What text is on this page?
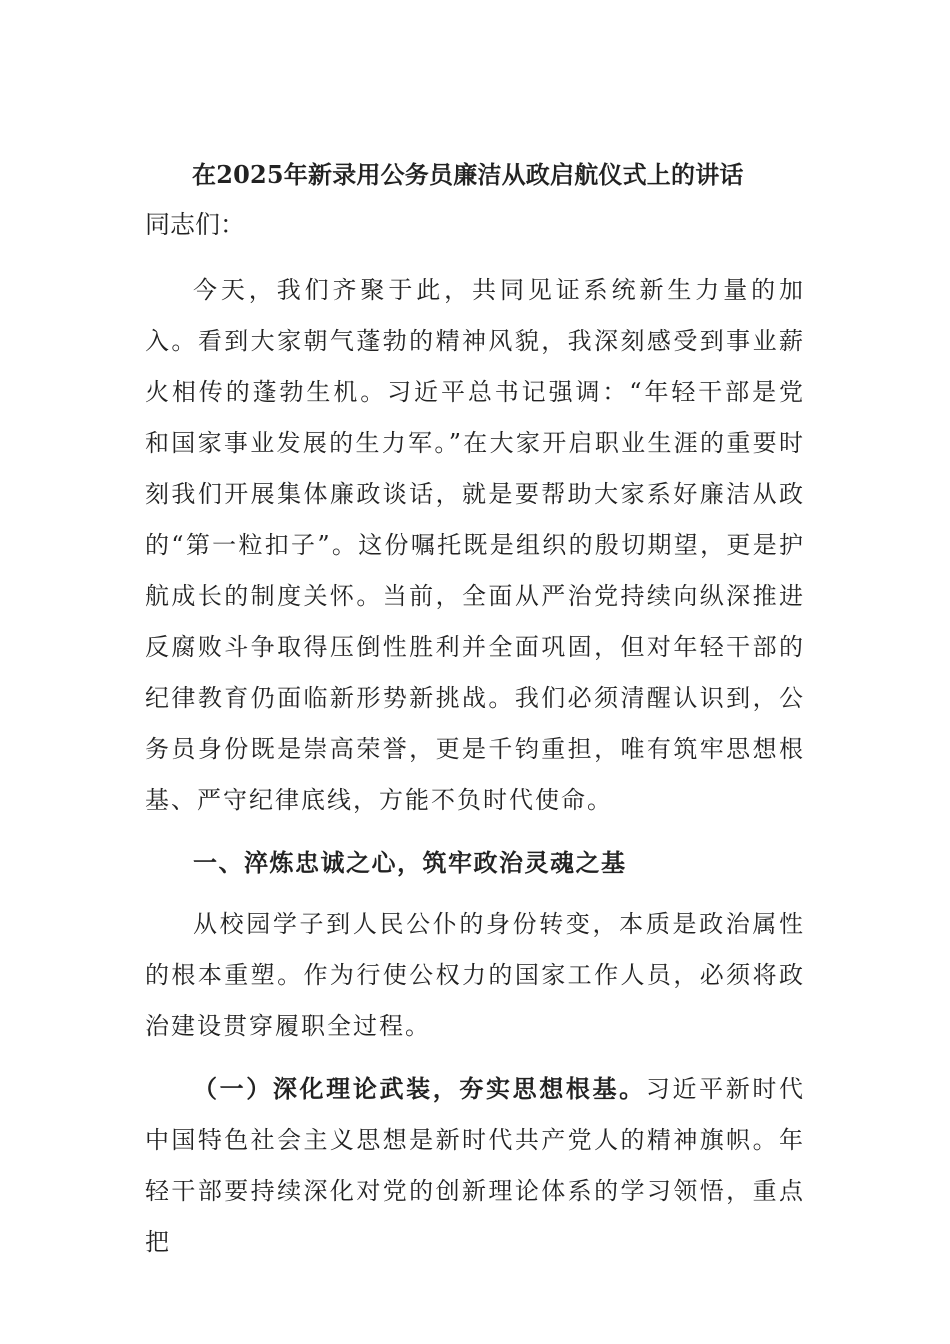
在2025年新录用公务员廉洁从政启航仪式上的讲话
同志们：

今天，我们齐聚于此，共同见证系统新生力量的加入。看到大家朝气蓬勃的精神风貌，我深刻感受到事业薪火相传的蓬勃生机。习近平总书记强调：“年轻干部是党和国家事业发展的生力军。”在大家开启职业生涯的重要时刻我们开展集体廉政谈话，就是要帮助大家系好廉洁从政的“第一粒扣子”。这份嘱托既是组织的殷切期望，更是护航成长的制度关怀。当前，全面从严治党持续向纵深推进反腐败斗争取得压倒性胜利并全面巩固，但对年轻干部的纪律教育仍面临新形势新挑战。我们必须清醒认识到，公务员身份既是崇高荣誉，更是千钧重担，唯有筑牢思想根基、严守纪律底线，方能不负时代使命。

一、淬炼忠诚之心，筑牢政治灵魂之基

从校园学子到人民公仆的身份转变，本质是政治属性的根本重塑。作为行使公权力的国家工作人员，必须将政治建设贯穿履职全过程。

（一）深化理论武装，夯实思想根基。习近平新时代中国特色社会主义思想是新时代共产党人的精神旗帜。年轻干部要持续深化对党的创新理论体系的学习领悟，重点把
